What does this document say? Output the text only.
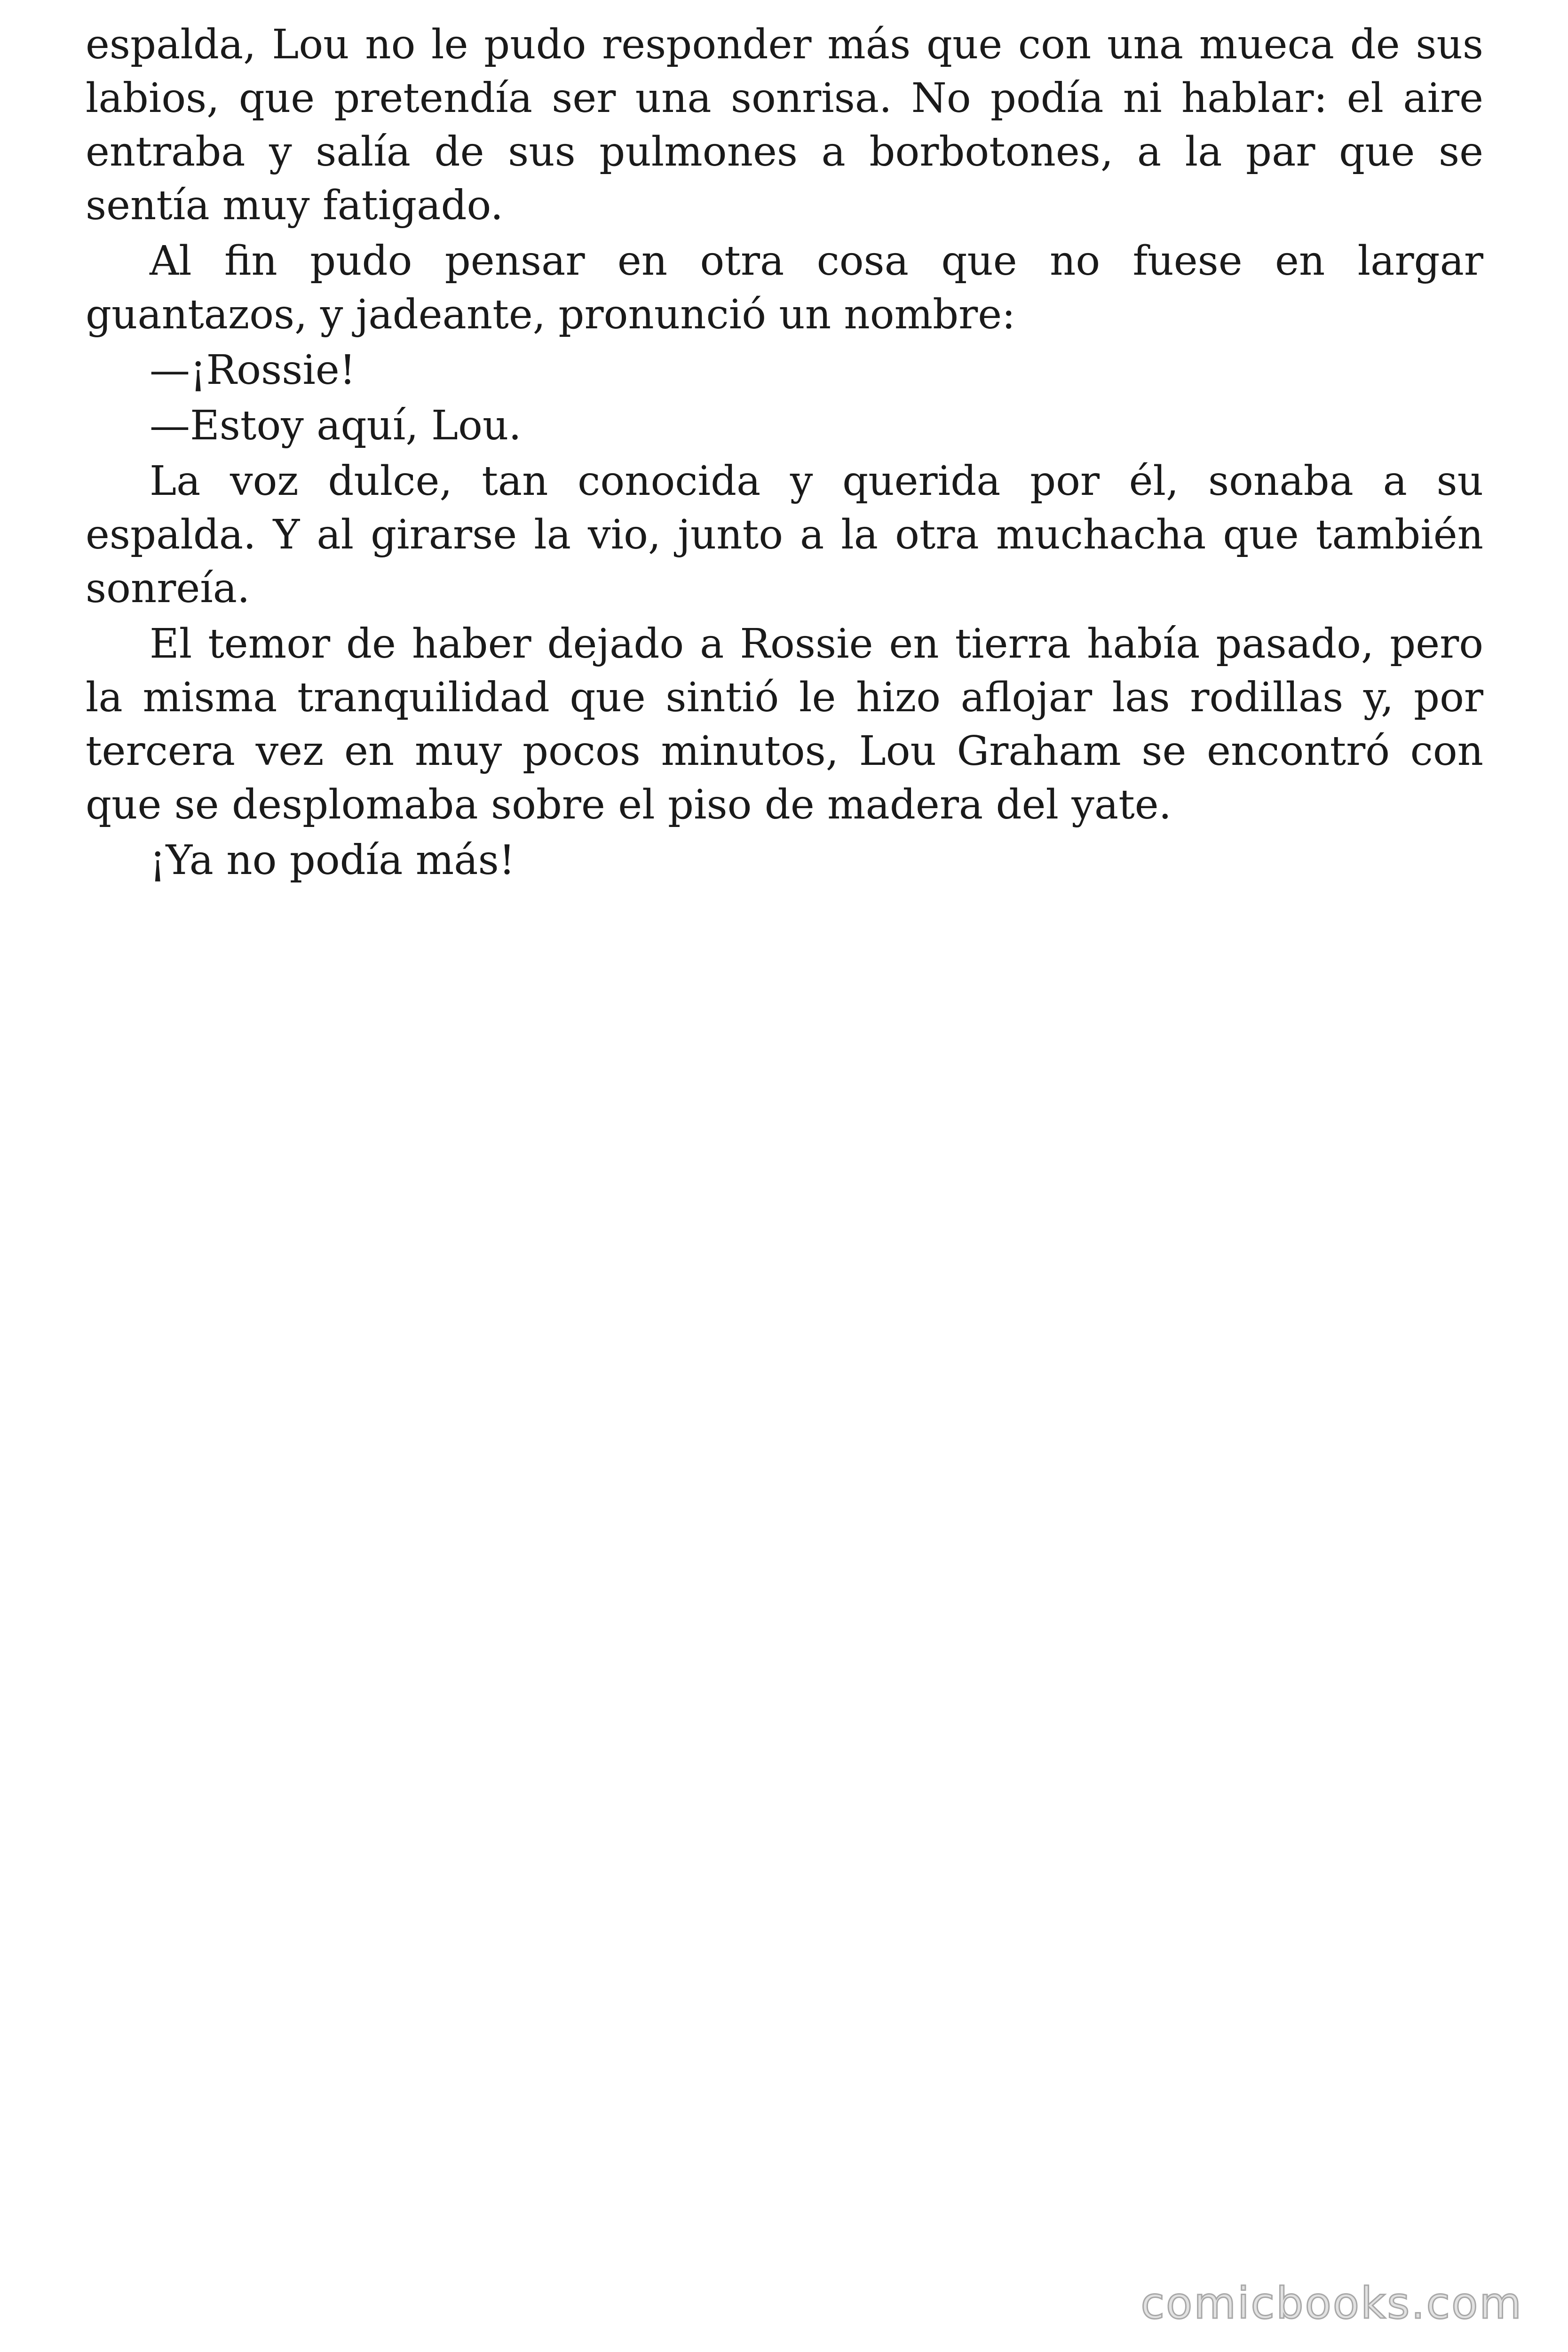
espalda, Lou no le pudo responder más que con una mueca de sus labios, que pretendía ser una sonrisa. No podía ni hablar: el aire entraba y salía de sus pulmones a borbotones, a la par que se sentía muy fatigado.

Al fin pudo pensar en otra cosa que no fuese en largar guantazos, y jadeante, pronunció un nombre:

—¡Rossie!

—Estoy aquí, Lou.

La voz dulce, tan conocida y querida por él, sonaba a su espalda. Y al girarse la vio, junto a la otra muchacha que también sonreía.

El temor de haber dejado a Rossie en tierra había pasado, pero la misma tranquilidad que sintió le hizo aflojar las rodillas y, por tercera vez en muy pocos minutos, Lou Graham se encontró con que se desplomaba sobre el piso de madera del yate.

¡Ya no podía más!

comicbooks.com
